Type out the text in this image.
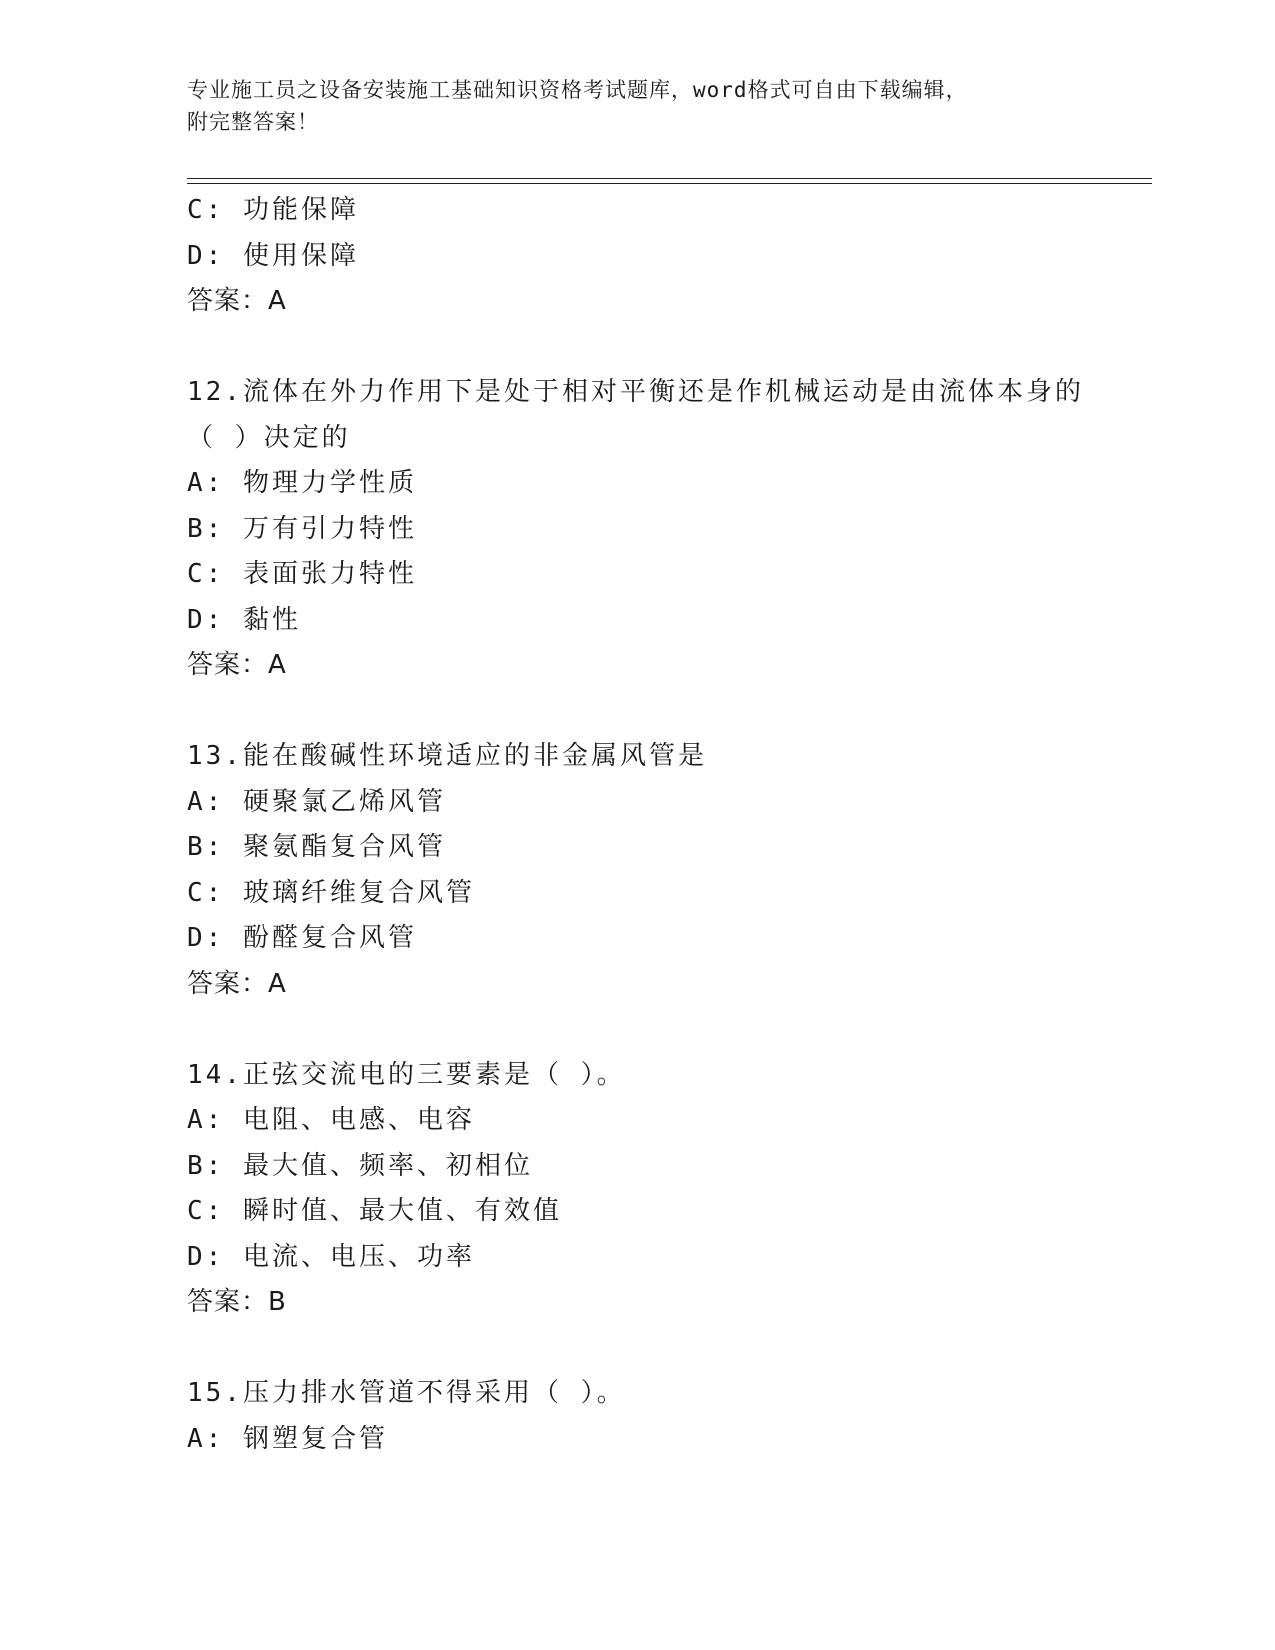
专业施工员之设备安装施工基础知识资格考试题库，word格式可自由下载编辑，
附完整答案！
C: 功能保障
D: 使用保障
答案：A
12.流体在外力作用下是处于相对平衡还是作机械运动是由流体本身的
（ ）决定的
A: 物理力学性质
B: 万有引力特性
C: 表面张力特性
D: 黏性
答案：A
13.能在酸碱性环境适应的非金属风管是
A: 硬聚氯乙烯风管
B: 聚氨酯复合风管
C: 玻璃纤维复合风管
D: 酚醛复合风管
答案：A
14.正弦交流电的三要素是（ ）。
A: 电阻、电感、电容
B: 最大值、频率、初相位
C: 瞬时值、最大值、有效值
D: 电流、电压、功率
答案：B
15.压力排水管道不得采用（ ）。
A: 钢塑复合管
